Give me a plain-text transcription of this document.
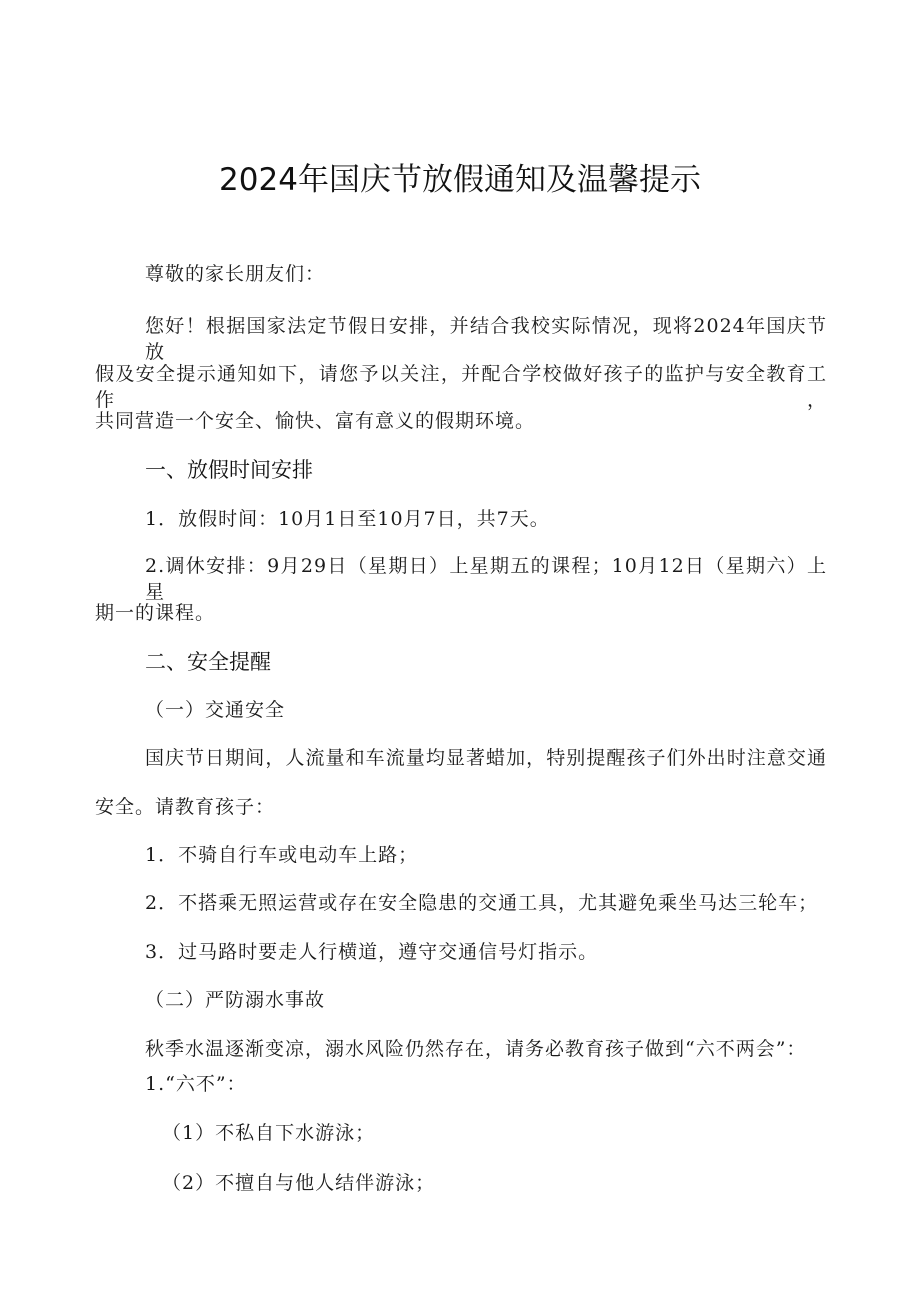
2024年国庆节放假通知及温馨提示
尊敬的家长朋友们：
您好！根据国家法定节假日安排，并结合我校实际情况，现将2024年国庆节放
假及安全提示通知如下，请您予以关注，并配合学校做好孩子的监护与安全教育工作，
共同营造一个安全、愉快、富有意义的假期环境。
一、放假时间安排
1．放假时间：10月1日至10月7日，共7天。
2.调休安排：9月29日（星期日）上星期五的课程；10月12日（星期六）上星
期一的课程。
二、安全提醒
（一）交通安全
国庆节日期间，人流量和车流量均显著蜡加，特别提醒孩子们外出时注意交通
安全。请教育孩子：
1．不骑自行车或电动车上路；
2．不搭乘无照运营或存在安全隐患的交通工具，尤其避免乘坐马达三轮车；
3．过马路时要走人行横道，遵守交通信号灯指示。
（二）严防溺水事故
秋季水温逐渐变凉，溺水风险仍然存在，请务必教育孩子做到“六不两会”：
1.“六不”：
（1）不私自下水游泳；
（2）不擅自与他人结伴游泳；
